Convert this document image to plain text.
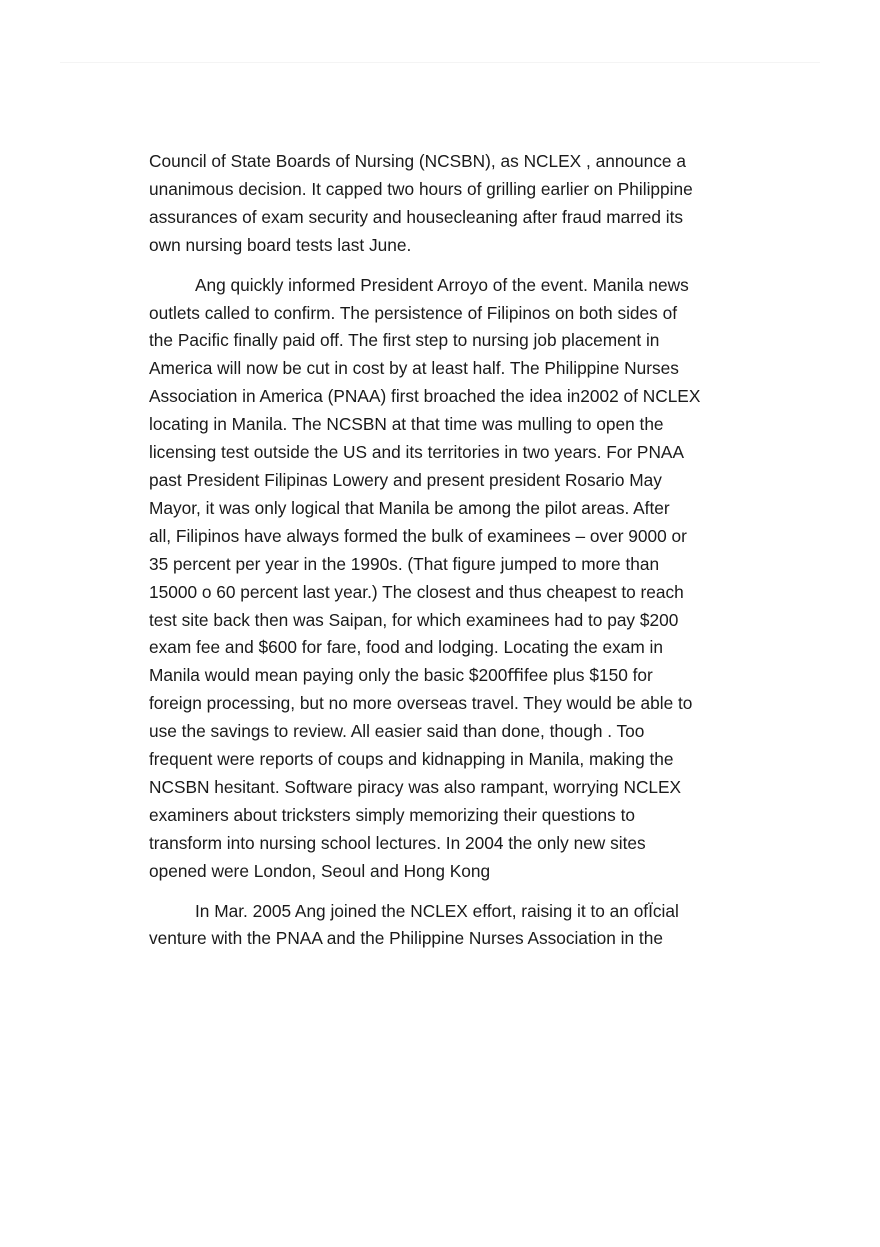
Council of State Boards of Nursing (NCSBN), as NCLEX , announce a
unanimous decision. It capped two hours of grilling earlier on Philippine
assurances of exam security and housecleaning after fraud marred its
own nursing board tests last June.

Ang quickly informed President Arroyo of the event. Manila news
outlets called to confirm. The persistence of Filipinos on both sides of
the Pacific finally paid off. The first step to nursing job placement in
America will now be cut in cost by at least half. The Philippine Nurses
Association in America (PNAA) first broached the idea in2002 of NCLEX
locating in Manila. The NCSBN at that time was mulling to open the
licensing test outside the US and its territories in two years. For PNAA
past President Filipinas Lowery and present president Rosario May
Mayor, it was only logical that Manila be among the pilot areas. After
all, Filipinos have always formed the bulk of examinees – over 9000 or
35 percent per year in the 1990s. (That figure jumped to more than
15000 o 60 percent last year.) The closest and thus cheapest to reach
test site back then was Saipan, for which examinees had to pay $200
exam fee and $600 for fare, food and lodging. Locating the exam in
Manila would mean paying only the basic $200ﬃfee plus $150 for
foreign processing, but no more overseas travel. They would be able to
use the savings to review. All easier said than done, though . Too
frequent were reports of coups and kidnapping in Manila, making the
NCSBN hesitant. Software piracy was also rampant, worrying NCLEX
examiners about tricksters simply memorizing their questions to
transform into nursing school lectures. In 2004 the only new sites
opened were London, Seoul and Hong Kong

In Mar. 2005 Ang joined the NCLEX effort, raising it to an ofÏcial
venture with the PNAA and the Philippine Nurses Association in the
